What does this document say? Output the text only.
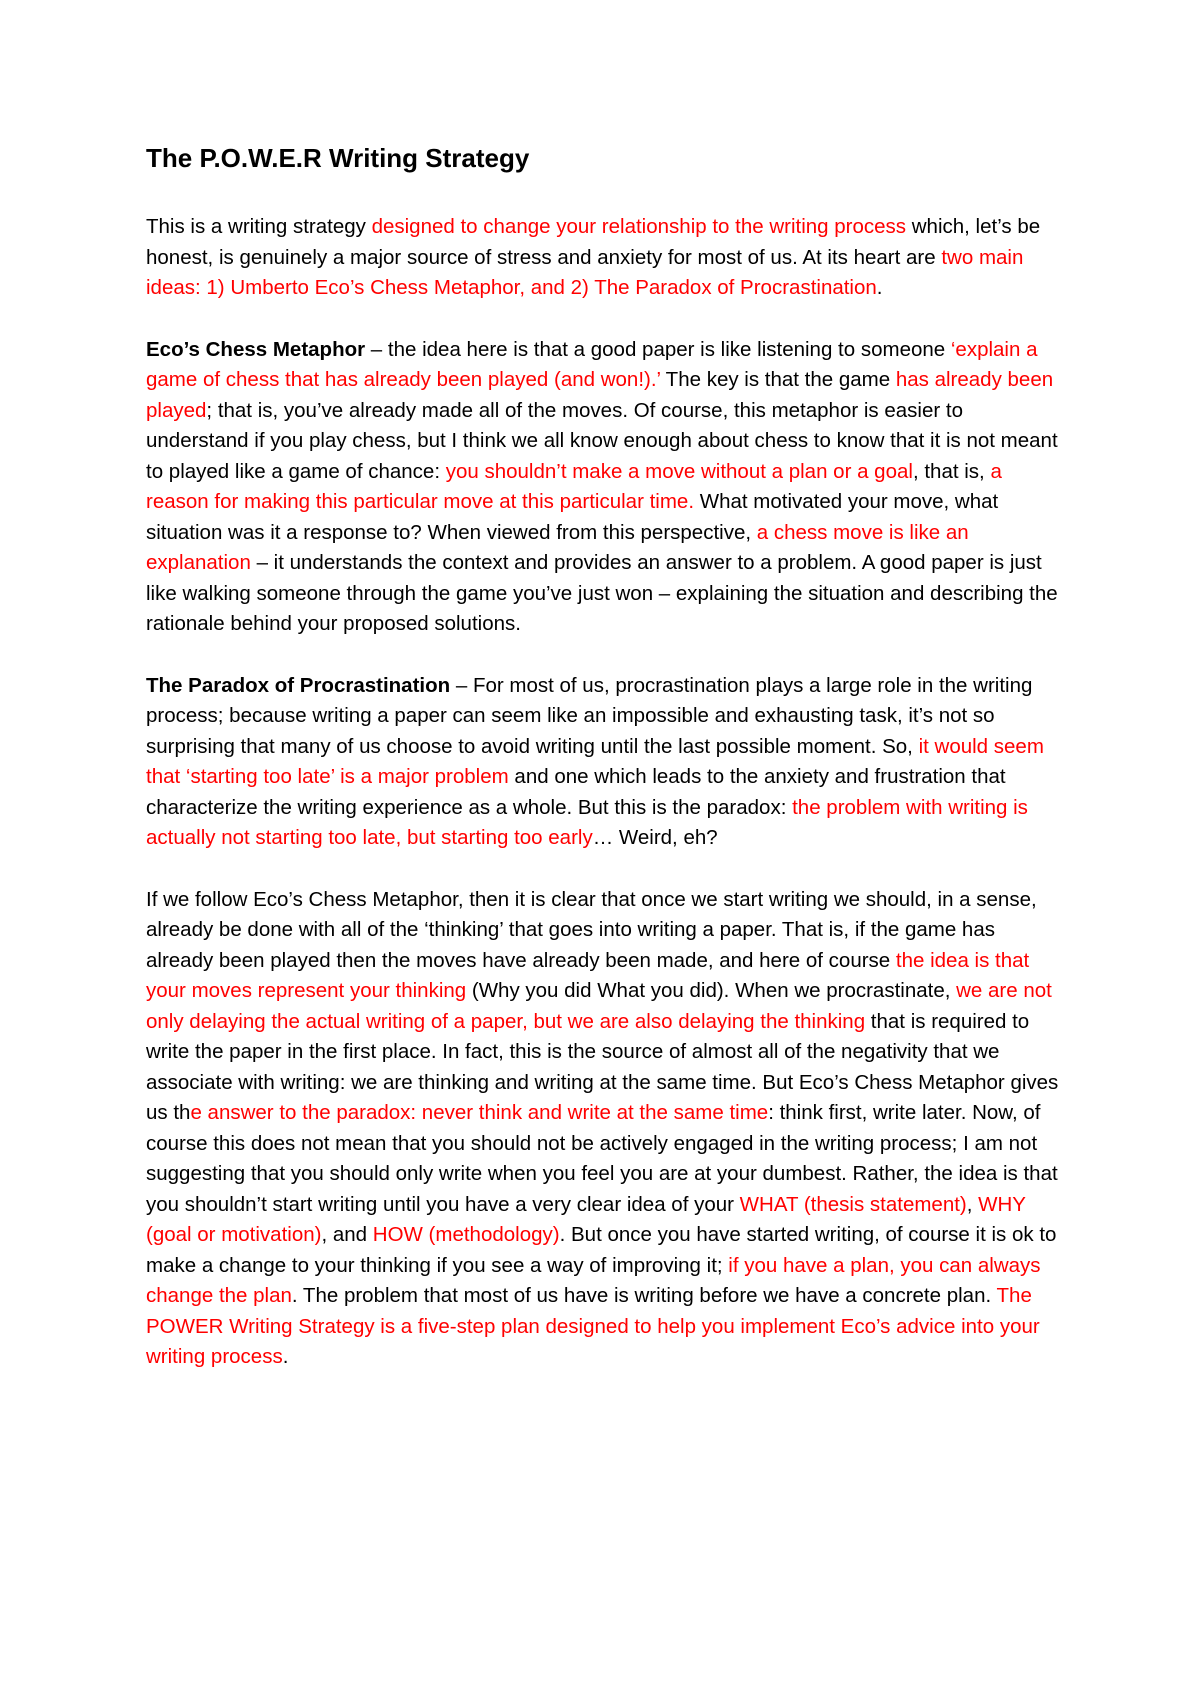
The P.O.W.E.R Writing Strategy

This is a writing strategy designed to change your relationship to the writing process which, let’s be honest, is genuinely a major source of stress and anxiety for most of us. At its heart are two main ideas: 1) Umberto Eco’s Chess Metaphor, and 2) The Paradox of Procrastination.

Eco’s Chess Metaphor – the idea here is that a good paper is like listening to someone ‘explain a game of chess that has already been played (and won!).’ The key is that the game has already been played; that is, you’ve already made all of the moves. Of course, this metaphor is easier to understand if you play chess, but I think we all know enough about chess to know that it is not meant to played like a game of chance: you shouldn’t make a move without a plan or a goal, that is, a reason for making this particular move at this particular time. What motivated your move, what situation was it a response to? When viewed from this perspective, a chess move is like an explanation – it understands the context and provides an answer to a problem. A good paper is just like walking someone through the game you’ve just won – explaining the situation and describing the rationale behind your proposed solutions.

The Paradox of Procrastination – For most of us, procrastination plays a large role in the writing process; because writing a paper can seem like an impossible and exhausting task, it’s not so surprising that many of us choose to avoid writing until the last possible moment. So, it would seem that ‘starting too late’ is a major problem and one which leads to the anxiety and frustration that characterize the writing experience as a whole. But this is the paradox: the problem with writing is actually not starting too late, but starting too early… Weird, eh?

If we follow Eco’s Chess Metaphor, then it is clear that once we start writing we should, in a sense, already be done with all of the ‘thinking’ that goes into writing a paper. That is, if the game has already been played then the moves have already been made, and here of course the idea is that your moves represent your thinking (Why you did What you did). When we procrastinate, we are not only delaying the actual writing of a paper, but we are also delaying the thinking that is required to write the paper in the first place. In fact, this is the source of almost all of the negativity that we associate with writing: we are thinking and writing at the same time. But Eco’s Chess Metaphor gives us the answer to the paradox: never think and write at the same time: think first, write later. Now, of course this does not mean that you should not be actively engaged in the writing process; I am not suggesting that you should only write when you feel you are at your dumbest. Rather, the idea is that you shouldn’t start writing until you have a very clear idea of your WHAT (thesis statement), WHY (goal or motivation), and HOW (methodology). But once you have started writing, of course it is ok to make a change to your thinking if you see a way of improving it; if you have a plan, you can always change the plan. The problem that most of us have is writing before we have a concrete plan. The POWER Writing Strategy is a five-step plan designed to help you implement Eco’s advice into your writing process.
